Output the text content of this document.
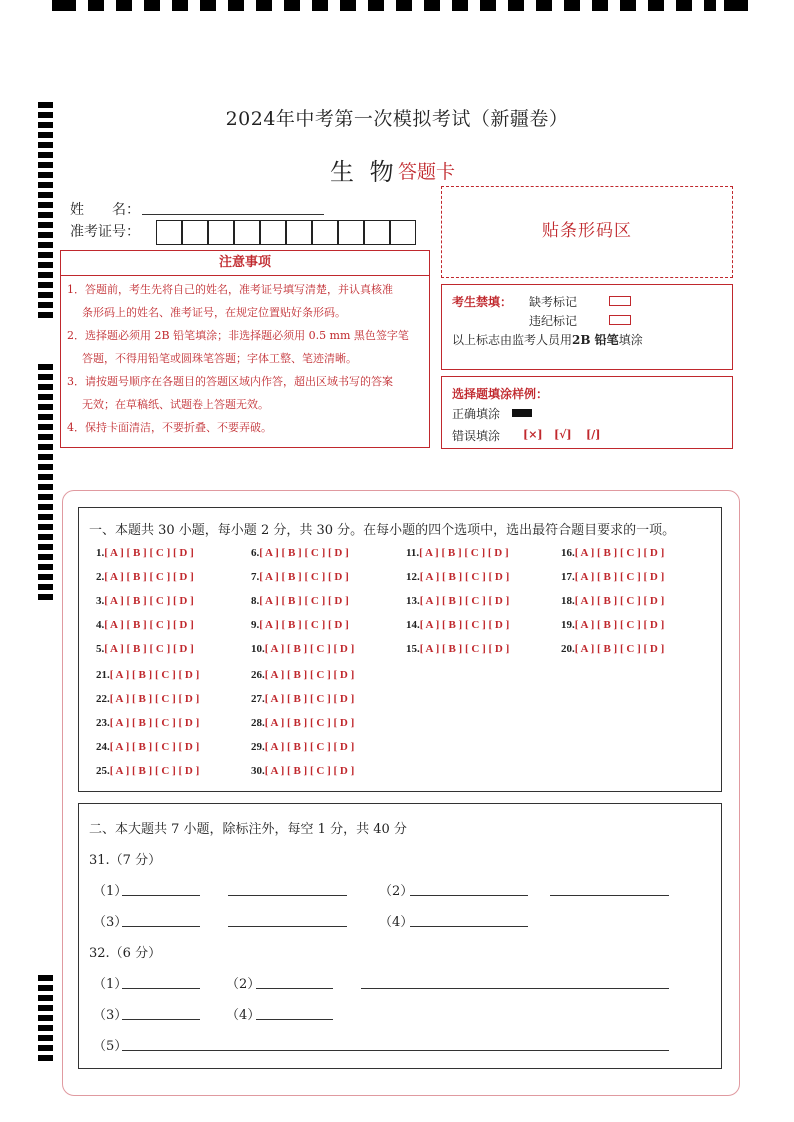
2024年中考第一次模拟考试（新疆卷）
生 物 答题卡
姓　　名：
准考证号：	贴条形码区
注意事项
1．答题前，考生先将自己的姓名，准考证号填写清楚，并认真核准
条形码上的姓名、准考证号，在规定位置贴好条形码。
2．选择题必须用 2B 铅笔填涂；非选择题必须用 0.5 mm 黑色签字笔
答题，不得用铅笔或圆珠笔答题；字体工整、笔迹清晰。
3．请按题号顺序在各题目的答题区域内作答，超出区域书写的答案
无效；在草稿纸、试题卷上答题无效。
4．保持卡面清洁，不要折叠、不要弄破。
考生禁填： 缺考标记
违纪标记
以上标志由监考人员用2B 铅笔填涂
选择题填涂样例：
正确填涂
错误填涂 [×] [√] [/]
一、本题共 30 小题，每小题 2 分，共 30 分。在每小题的四个选项中，选出最符合题目要求的一项。
1.[ A ] [ B ] [ C ] [ D ]
2.[ A ] [ B ] [ C ] [ D ]
3.[ A ] [ B ] [ C ] [ D ]
4.[ A ] [ B ] [ C ] [ D ]
5.[ A ] [ B ] [ C ] [ D ]
6.[ A ] [ B ] [ C ] [ D ]
7.[ A ] [ B ] [ C ] [ D ]
8.[ A ] [ B ] [ C ] [ D ]
9.[ A ] [ B ] [ C ] [ D ]
10.[ A ] [ B ] [ C ] [ D ]
11.[ A ] [ B ] [ C ] [ D ]
12.[ A ] [ B ] [ C ] [ D ]
13.[ A ] [ B ] [ C ] [ D ]
14.[ A ] [ B ] [ C ] [ D ]
15.[ A ] [ B ] [ C ] [ D ]
16.[ A ] [ B ] [ C ] [ D ]
17.[ A ] [ B ] [ C ] [ D ]
18.[ A ] [ B ] [ C ] [ D ]
19.[ A ] [ B ] [ C ] [ D ]
20.[ A ] [ B ] [ C ] [ D ]
21.[ A ] [ B ] [ C ] [ D ]
22.[ A ] [ B ] [ C ] [ D ]
23.[ A ] [ B ] [ C ] [ D ]
24.[ A ] [ B ] [ C ] [ D ]
25.[ A ] [ B ] [ C ] [ D ]
26.[ A ] [ B ] [ C ] [ D ]
27.[ A ] [ B ] [ C ] [ D ]
28.[ A ] [ B ] [ C ] [ D ]
29.[ A ] [ B ] [ C ] [ D ]
30.[ A ] [ B ] [ C ] [ D ]
二、本大题共 7 小题，除标注外，每空 1 分，共 40 分
31.（7 分）
（1）	（2）
（3）	（4）
32.（6 分）
（1）	（2）
（3）	（4）
（5）
